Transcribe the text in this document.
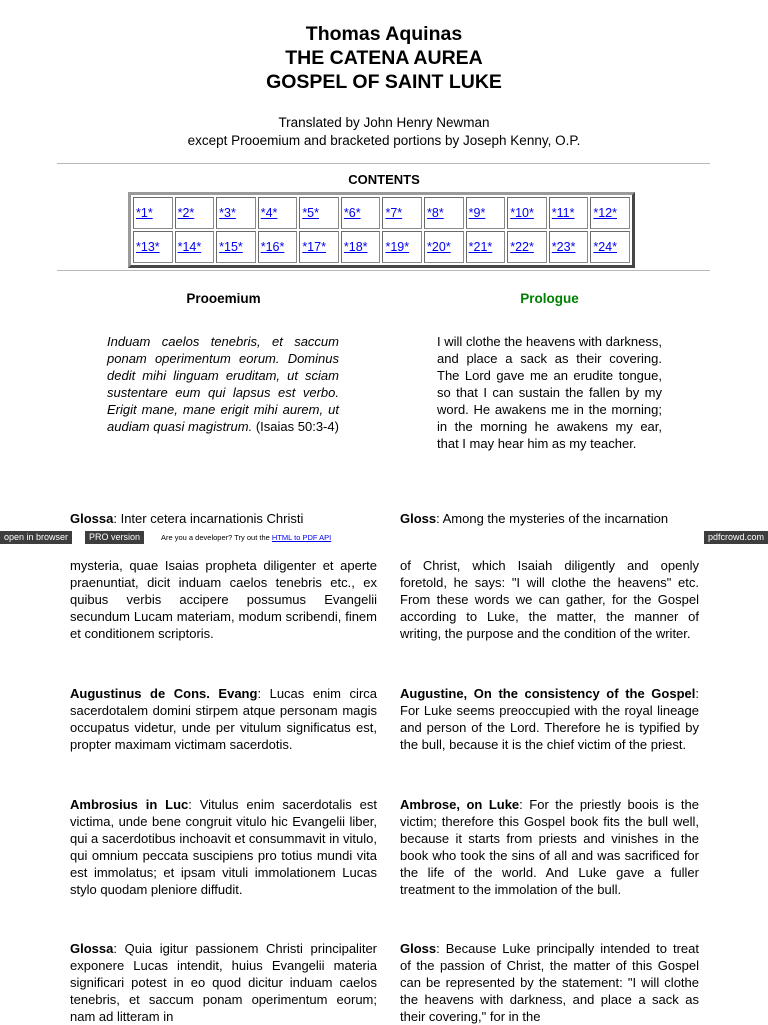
Thomas Aquinas

THE CATENA AUREA

GOSPEL OF SAINT LUKE

Translated by John Henry Newman
except Prooemium and bracketed portions by Joseph Kenny, O.P.
CONTENTS
*1*	*2*	*3*	*4*	*5*	*6*	*7*	*8*	*9*	*10*	*11*	*12*
*13*	*14*	*15*	*16*	*17*	*18*	*19*	*20*	*21*	*22*	*23*	*24*
Prooemium	Prologue

Induam caelos tenebris, et saccum ponam operimentum eorum. Dominus dedit mihi linguam eruditam, ut sciam sustentare eum qui lapsus est verbo. Erigit mane, mane erigit mihi aurem, ut audiam quasi magistrum. (Isaias 50:3-4)

I will clothe the heavens with darkness, and place a sack as their covering. The Lord gave me an erudite tongue, so that I can sustain the fallen by my word. He awakens me in the morning; in the morning he awakens my ear, that I may hear him as my teacher.

Glossa: Inter cetera incarnationis Christi	Gloss: Among the mysteries of the incarnation

open in browser	PRO version	Are you a developer? Try out the HTML to PDF API	pdfcrowd.com

mysteria, quae Isaias propheta diligenter et aperte praenuntiat, dicit induam caelos tenebris etc., ex quibus verbis accipere possumus Evangelii secundum Lucam materiam, modum scribendi, finem et conditionem scriptoris.

of Christ, which Isaiah diligently and openly foretold, he says: "I will clothe the heavens" etc. From these words we can gather, for the Gospel according to Luke, the matter, the manner of writing, the purpose and the condition of the writer.

Augustinus de Cons. Evang: Lucas enim circa sacerdotalem domini stirpem atque personam magis occupatus videtur, unde per vitulum significatus est, propter maximam victimam sacerdotis.

Augustine, On the consistency of the Gospel: For Luke seems preoccupied with the royal lineage and person of the Lord. Therefore he is typified by the bull, because it is the chief victim of the priest.

Ambrosius in Luc: Vitulus enim sacerdotalis est victima, unde bene congruit vitulo hic Evangelii liber, qui a sacerdotibus inchoavit et consummavit in vitulo, qui omnium peccata suscipiens pro totius mundi vita est immolatus; et ipsam vituli immolationem Lucas stylo quodam pleniore diffudit.

Ambrose, on Luke: For the priestly boois is the victim; therefore this Gospel book fits the bull well, because it starts from priests and vinishes in the book who took the sins of all and was sacrificed for the life of the world. And Luke gave a fuller treatment to the immolation of the bull.

Glossa: Quia igitur passionem Christi principaliter exponere Lucas intendit, huius Evangelii materia significari potest in eo quod dicitur induam caelos tenebris, et saccum ponam operimentum eorum; nam ad litteram in

Gloss: Because Luke principally intended to treat of the passion of Christ, the matter of this Gospel can be represented by the statement: "I will clothe the heavens with darkness, and place a sack as their covering," for in the
